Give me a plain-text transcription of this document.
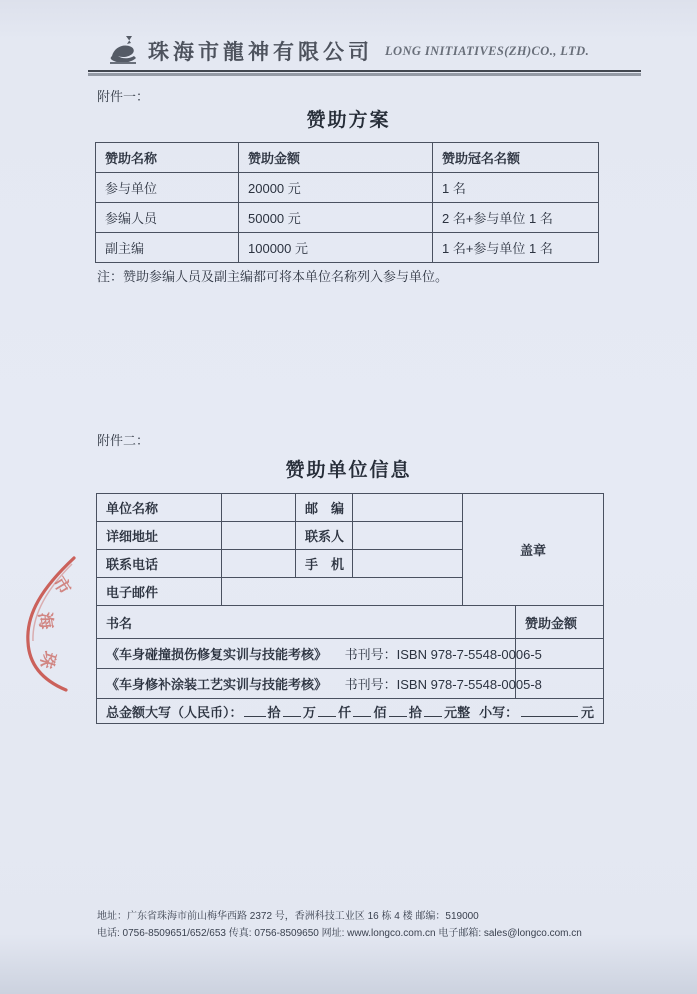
珠海市龍神有限公司 LONG INITIATIVES(ZH)CO., LTD.
附件一：
赞助方案
赞助名称	赞助金额	赞助冠名名额
参与单位	20000 元	1 名
参编人员	50000 元	2 名+参与单位 1 名
副主编	100000 元	1 名+参与单位 1 名
注：赞助参编人员及副主编都可将本单位名称列入参与单位。
附件二：
赞助单位信息
单位名称		邮　编		盖章	
详细地址		联系人			
联系电话		手　机			
电子邮件					
书名					赞助金额
《车身碰撞损伤修复实训与技能考核》 书刊号：ISBN 978-7-5548-0006-5					
《车身修补涂装工艺实训与技能考核》 书刊号：ISBN 978-7-5548-0005-8					

总金额大写（人民币）： 拾 万 仟 佰 拾 元整 小写：	元
市
海
珠
地址：广东省珠海市前山梅华西路 2372 号，香洲科技工业区 16 栋 4 楼 邮编：519000
电话: 0756-8509651/652/653 传真: 0756-8509650 网址: www.longco.com.cn 电子邮箱: sales@longco.com.cn
